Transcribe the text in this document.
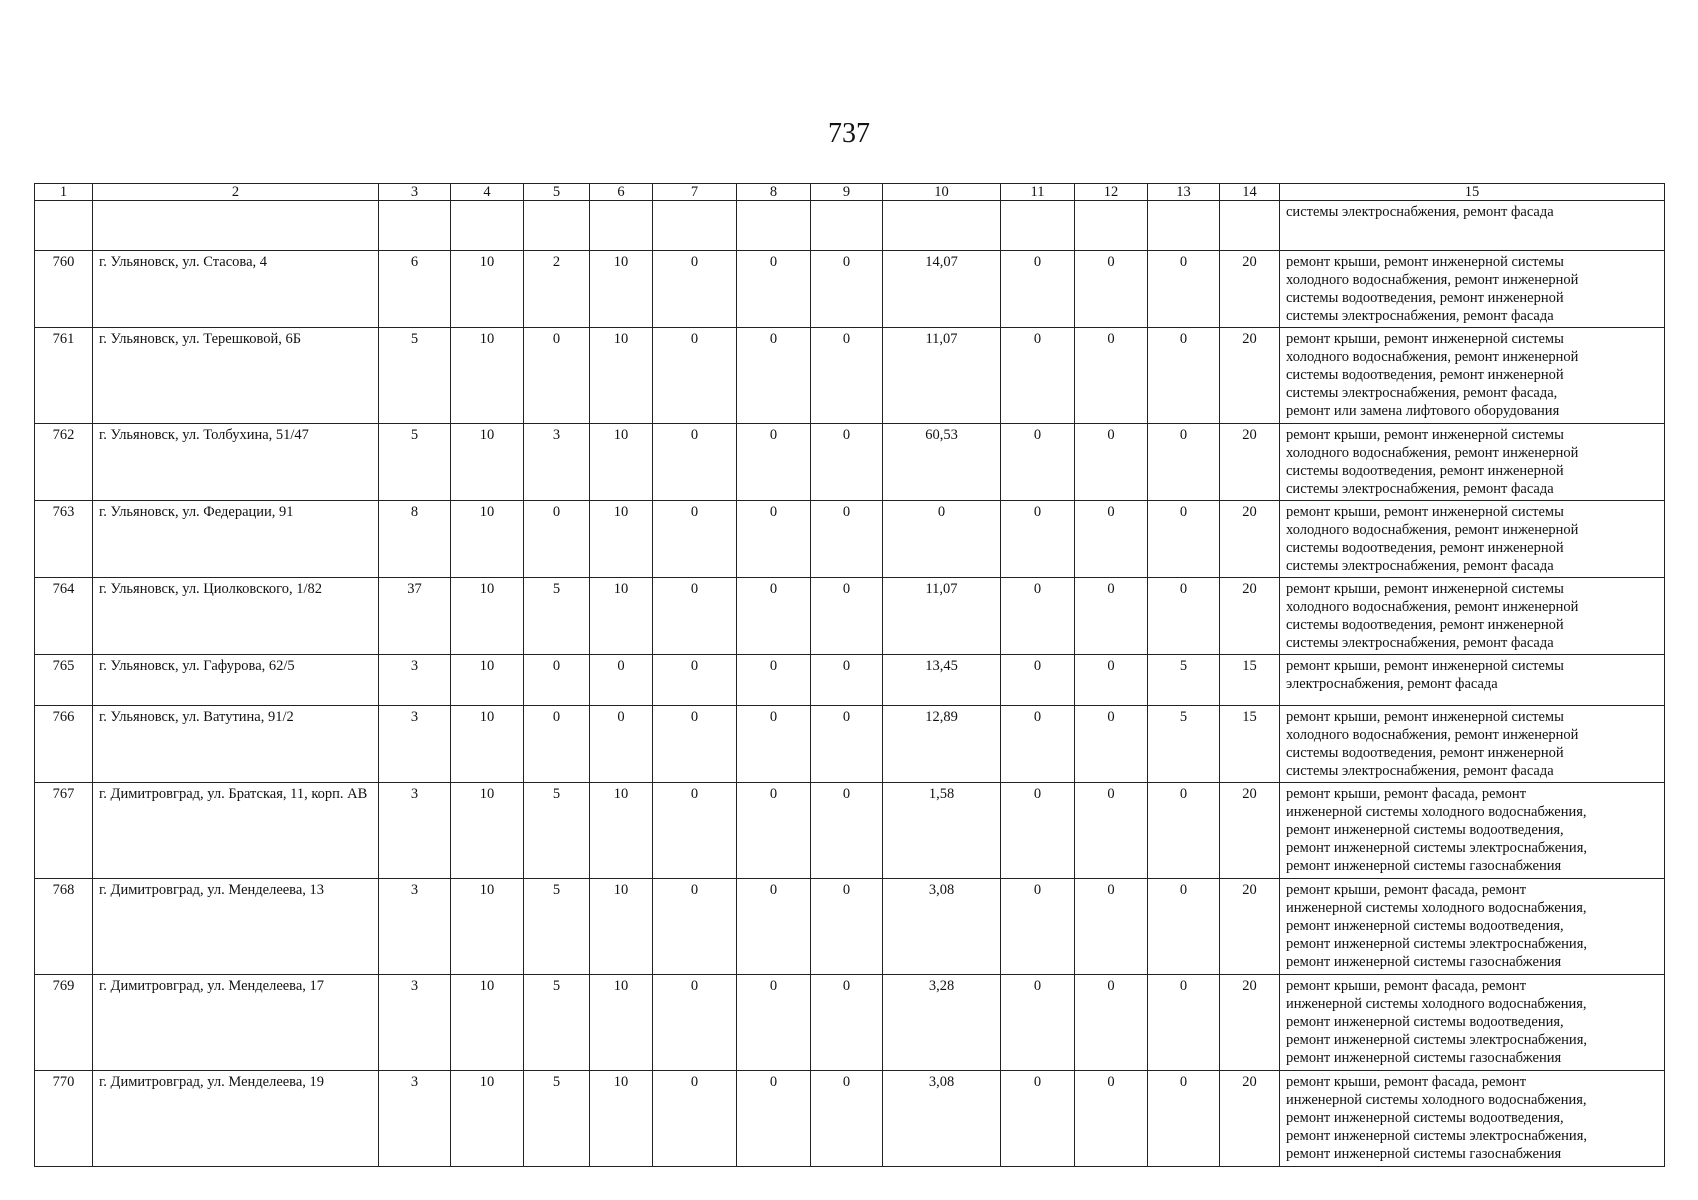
737
1	2	3	4	5	6	7	8	9	10	11	12	13	14	15
														системы электроснабжения, ремонт фасада
760	г. Ульяновск, ул. Стасова, 4	6	10	2	10	0	0	0	14,07	0	0	0	20	ремонт крыши, ремонт инженерной системы
холодного водоснабжения, ремонт инженерной
системы водоотведения, ремонт инженерной
системы электроснабжения, ремонт фасада

761	г. Ульяновск, ул. Терешковой, 6Б	5	10	0	10	0	0	0	11,07	0	0	0	20	ремонт крыши, ремонт инженерной системы
холодного водоснабжения, ремонт инженерной
системы водоотведения, ремонт инженерной
системы электроснабжения, ремонт фасада,
ремонт или замена лифтового оборудования

762	г. Ульяновск, ул. Толбухина, 51/47	5	10	3	10	0	0	0	60,53	0	0	0	20	ремонт крыши, ремонт инженерной системы
холодного водоснабжения, ремонт инженерной
системы водоотведения, ремонт инженерной
системы электроснабжения, ремонт фасада

763	г. Ульяновск, ул. Федерации, 91	8	10	0	10	0	0	0	0	0	0	0	20	ремонт крыши, ремонт инженерной системы
холодного водоснабжения, ремонт инженерной
системы водоотведения, ремонт инженерной
системы электроснабжения, ремонт фасада

764	г. Ульяновск, ул. Циолковского, 1/82	37	10	5	10	0	0	0	11,07	0	0	0	20	ремонт крыши, ремонт инженерной системы
холодного водоснабжения, ремонт инженерной
системы водоотведения, ремонт инженерной
системы электроснабжения, ремонт фасада

765	г. Ульяновск, ул. Гафурова, 62/5	3	10	0	0	0	0	0	13,45	0	0	5	15	ремонт крыши, ремонт инженерной системы
электроснабжения, ремонт фасада

766	г. Ульяновск, ул. Ватутина, 91/2	3	10	0	0	0	0	0	12,89	0	0	5	15	ремонт крыши, ремонт инженерной системы
холодного водоснабжения, ремонт инженерной
системы водоотведения, ремонт инженерной
системы электроснабжения, ремонт фасада

767	г. Димитровград, ул. Братская, 11, корп. АВ	3	10	5	10	0	0	0	1,58	0	0	0	20	ремонт крыши, ремонт фасада, ремонт
инженерной системы холодного водоснабжения,
ремонт инженерной системы водоотведения,
ремонт инженерной системы электроснабжения,
ремонт инженерной системы газоснабжения

768	г. Димитровград, ул. Менделеева, 13	3	10	5	10	0	0	0	3,08	0	0	0	20	ремонт крыши, ремонт фасада, ремонт
инженерной системы холодного водоснабжения,
ремонт инженерной системы водоотведения,
ремонт инженерной системы электроснабжения,
ремонт инженерной системы газоснабжения

769	г. Димитровград, ул. Менделеева, 17	3	10	5	10	0	0	0	3,28	0	0	0	20	ремонт крыши, ремонт фасада, ремонт
инженерной системы холодного водоснабжения,
ремонт инженерной системы водоотведения,
ремонт инженерной системы электроснабжения,
ремонт инженерной системы газоснабжения

770	г. Димитровград, ул. Менделеева, 19	3	10	5	10	0	0	0	3,08	0	0	0	20	ремонт крыши, ремонт фасада, ремонт
инженерной системы холодного водоснабжения,
ремонт инженерной системы водоотведения,
ремонт инженерной системы электроснабжения,
ремонт инженерной системы газоснабжения
